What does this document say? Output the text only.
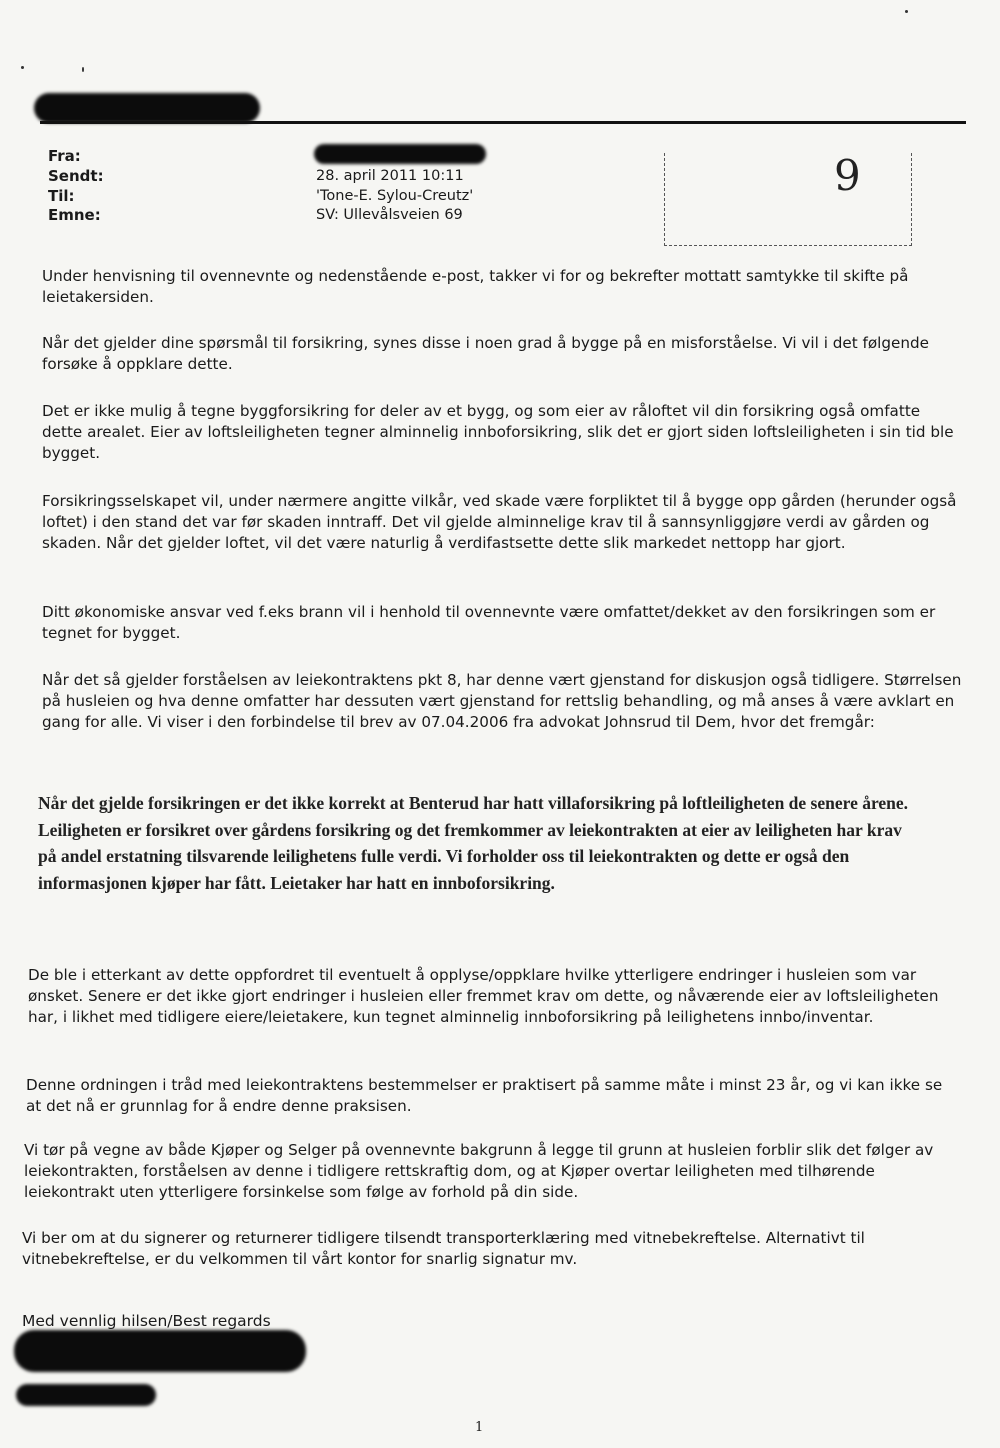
Fra:
Sendt:	28. april 2011 10:11
Til:	'Tone-E. Sylou-Creutz'
Emne:	SV: Ullevålsveien 69
9

Under henvisning til ovennevnte og nedenstående e-post, takker vi for og bekrefter mottatt samtykke til skifte på leietakersiden.

Når det gjelder dine spørsmål til forsikring, synes disse i noen grad å bygge på en misforståelse. Vi vil i det følgende forsøke å oppklare dette.

Det er ikke mulig å tegne byggforsikring for deler av et bygg, og som eier av råloftet vil din forsikring også omfatte dette arealet. Eier av loftsleiligheten tegner alminnelig innboforsikring, slik det er gjort siden loftsleiligheten i sin tid ble bygget.

Forsikringsselskapet vil, under nærmere angitte vilkår, ved skade være forpliktet til å bygge opp gården (herunder også loftet) i den stand det var før skaden inntraff. Det vil gjelde alminnelige krav til å sannsynliggjøre verdi av gården og skaden. Når det gjelder loftet, vil det være naturlig å verdifastsette dette slik markedet nettopp har gjort.

Ditt økonomiske ansvar ved f.eks brann vil i henhold til ovennevnte være omfattet/dekket av den forsikringen som er tegnet for bygget.

Når det så gjelder forståelsen av leiekontraktens pkt 8, har denne vært gjenstand for diskusjon også tidligere. Størrelsen på husleien og hva denne omfatter har dessuten vært gjenstand for rettslig behandling, og må anses å være avklart en gang for alle. Vi viser i den forbindelse til brev av 07.04.2006 fra advokat Johnsrud til Dem, hvor det fremgår:

Når det gjelde forsikringen er det ikke korrekt at Benterud har hatt villaforsikring på loftleiligheten de senere årene. Leiligheten er forsikret over gårdens forsikring og det fremkommer av leiekontrakten at eier av leiligheten har krav på andel erstatning tilsvarende leilighetens fulle verdi. Vi forholder oss til leiekontrakten og dette er også den informasjonen kjøper har fått. Leietaker har hatt en innboforsikring.

De ble i etterkant av dette oppfordret til eventuelt å opplyse/oppklare hvilke ytterligere endringer i husleien som var ønsket. Senere er det ikke gjort endringer i husleien eller fremmet krav om dette, og nåværende eier av loftsleiligheten har, i likhet med tidligere eiere/leietakere, kun tegnet alminnelig innboforsikring på leilighetens innbo/inventar.

Denne ordningen i tråd med leiekontraktens bestemmelser er praktisert på samme måte i minst 23 år, og vi kan ikke se at det nå er grunnlag for å endre denne praksisen.

Vi tør på vegne av både Kjøper og Selger på ovennevnte bakgrunn å legge til grunn at husleien forblir slik det følger av leiekontrakten, forståelsen av denne i tidligere rettskraftig dom, og at Kjøper overtar leiligheten med tilhørende leiekontrakt uten ytterligere forsinkelse som følge av forhold på din side.

Vi ber om at du signerer og returnerer tidligere tilsendt transporterklæring med vitnebekreftelse. Alternativt til vitnebekreftelse, er du velkommen til vårt kontor for snarlig signatur mv.

Med vennlig hilsen/Best regards
1
